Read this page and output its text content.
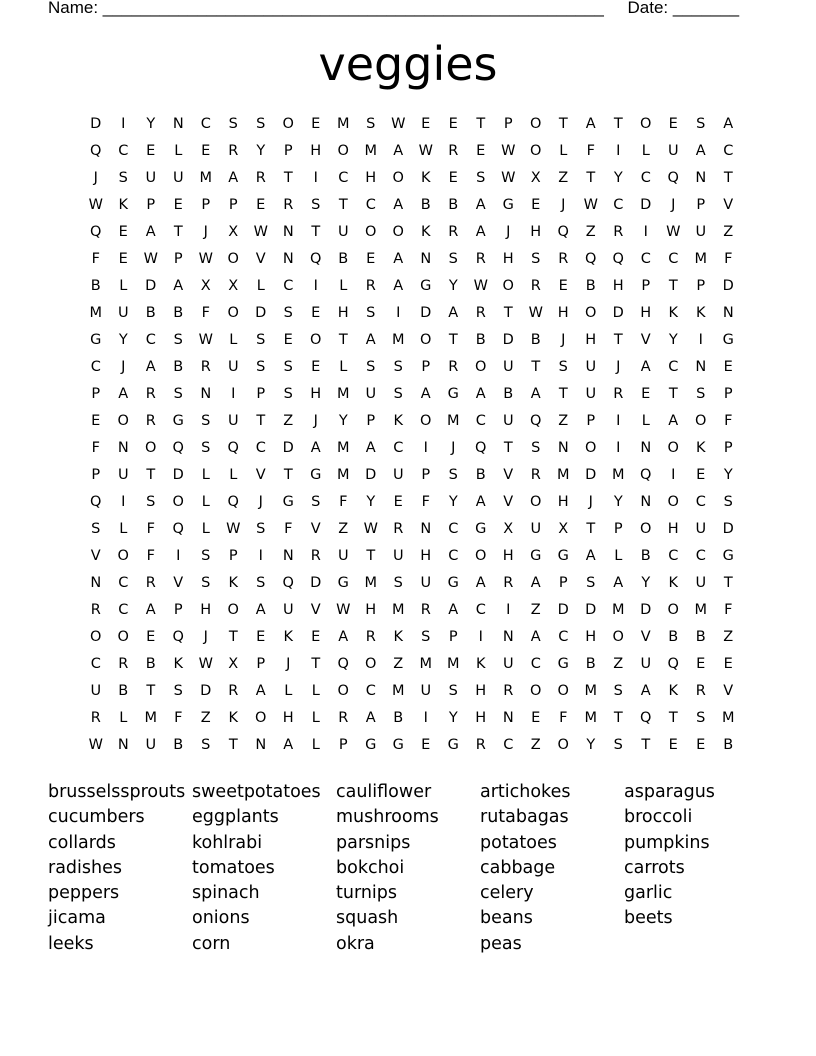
Name: _____________________________________________________ Date: _______
veggies
D	I	Y	N	C	S	S	O	E	M	S	W	E	E	T	P	O	T	A	T	O	E	S	A
Q	C	E	L	E	R	Y	P	H	O	M	A	W	R	E	W	O	L	F	I	L	U	A	C
J	S	U	U	M	A	R	T	I	C	H	O	K	E	S	W	X	Z	T	Y	C	Q	N	T
W	K	P	E	P	P	E	R	S	T	C	A	B	B	A	G	E	J	W	C	D	J	P	V
Q	E	A	T	J	X	W	N	T	U	O	O	K	R	A	J	H	Q	Z	R	I	W	U	Z
F	E	W	P	W	O	V	N	Q	B	E	A	N	S	R	H	S	R	Q	Q	C	C	M	F
B	L	D	A	X	X	L	C	I	L	R	A	G	Y	W	O	R	E	B	H	P	T	P	D
M	U	B	B	F	O	D	S	E	H	S	I	D	A	R	T	W	H	O	D	H	K	K	N
G	Y	C	S	W	L	S	E	O	T	A	M	O	T	B	D	B	J	H	T	V	Y	I	G
C	J	A	B	R	U	S	S	E	L	S	S	P	R	O	U	T	S	U	J	A	C	N	E
P	A	R	S	N	I	P	S	H	M	U	S	A	G	A	B	A	T	U	R	E	T	S	P
E	O	R	G	S	U	T	Z	J	Y	P	K	O	M	C	U	Q	Z	P	I	L	A	O	F
F	N	O	Q	S	Q	C	D	A	M	A	C	I	J	Q	T	S	N	O	I	N	O	K	P
P	U	T	D	L	L	V	T	G	M	D	U	P	S	B	V	R	M	D	M	Q	I	E	Y
Q	I	S	O	L	Q	J	G	S	F	Y	E	F	Y	A	V	O	H	J	Y	N	O	C	S
S	L	F	Q	L	W	S	F	V	Z	W	R	N	C	G	X	U	X	T	P	O	H	U	D
V	O	F	I	S	P	I	N	R	U	T	U	H	C	O	H	G	G	A	L	B	C	C	G
N	C	R	V	S	K	S	Q	D	G	M	S	U	G	A	R	A	P	S	A	Y	K	U	T
R	C	A	P	H	O	A	U	V	W	H	M	R	A	C	I	Z	D	D	M	D	O	M	F
O	O	E	Q	J	T	E	K	E	A	R	K	S	P	I	N	A	C	H	O	V	B	B	Z
C	R	B	K	W	X	P	J	T	Q	O	Z	M	M	K	U	C	G	B	Z	U	Q	E	E
U	B	T	S	D	R	A	L	L	O	C	M	U	S	H	R	O	O	M	S	A	K	R	V
R	L	M	F	Z	K	O	H	L	R	A	B	I	Y	H	N	E	F	M	T	Q	T	S	M
W	N	U	B	S	T	N	A	L	P	G	G	E	G	R	C	Z	O	Y	S	T	E	E	B
brusselssprouts sweetpotatoes cauliflower	artichokes	asparagus
cucumbers	eggplants	mushrooms	rutabagas	broccoli
collards	kohlrabi	parsnips	potatoes	pumpkins
radishes	tomatoes	bokchoi	cabbage	carrots
peppers	spinach	turnips	celery	garlic
jicama	onions	squash	beans	beets
leeks	corn	okra	peas
